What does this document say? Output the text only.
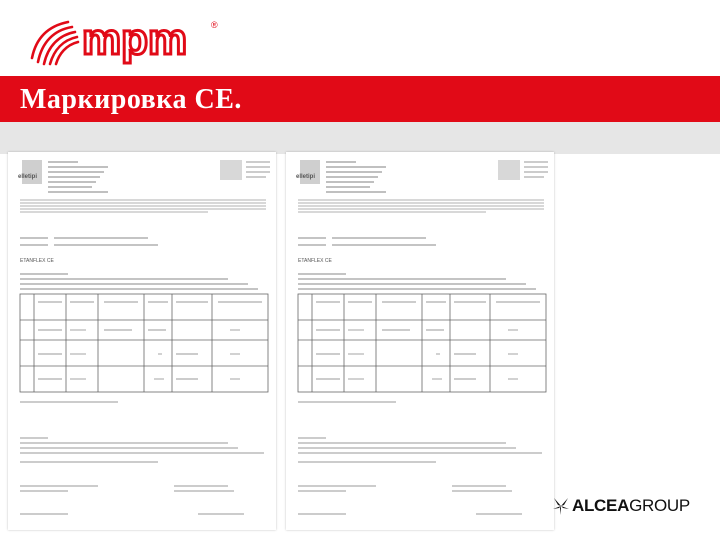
mpm	®
Маркировка CE.
elletipi
ETANFLEX CE
elletipi
ETANFLEX CE
ALCEAGROUP
